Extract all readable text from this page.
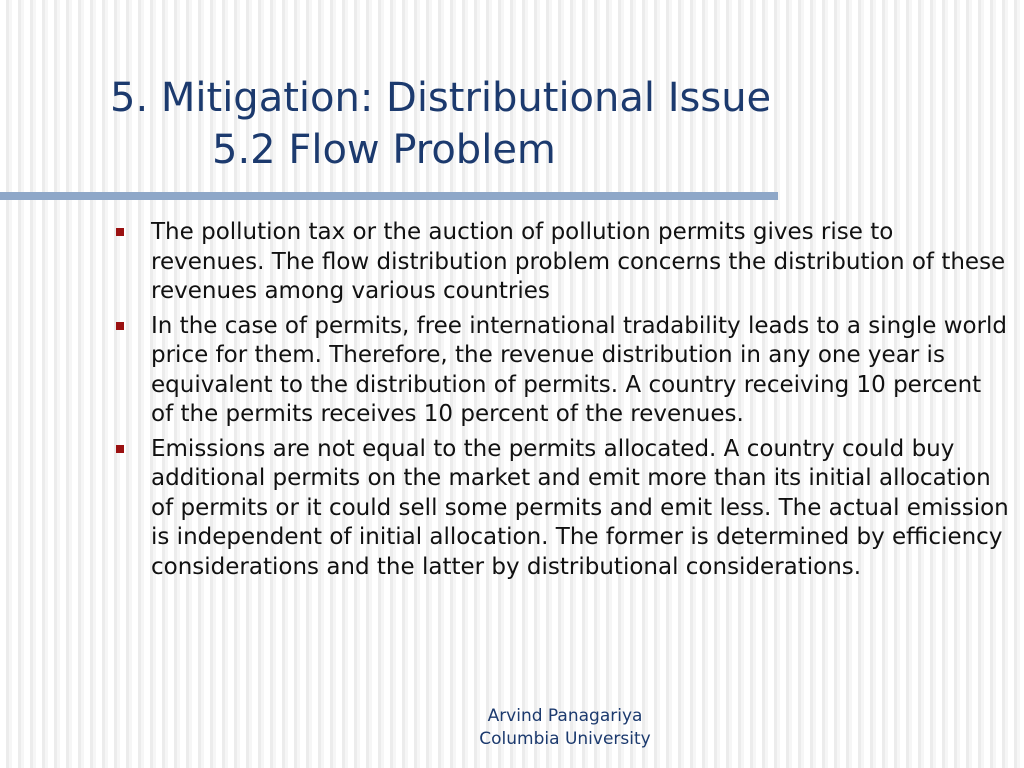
5. Mitigation: Distributional Issue
5.2 Flow Problem
The pollution tax or the auction of pollution permits gives rise to revenues. The flow distribution problem concerns the distribution of these revenues among various countries
In the case of permits, free international tradability leads to a single world price for them. Therefore, the revenue distribution in any one year is equivalent to the distribution of permits. A country receiving 10 percent of the permits receives 10 percent of the revenues.
Emissions are not equal to the permits allocated. A country could buy additional permits on the market and emit more than its initial allocation of permits or it could sell some permits and emit less. The actual emission is independent of initial allocation. The former is determined by efficiency considerations and the latter by distributional considerations.
Arvind Panagariya
Columbia University
